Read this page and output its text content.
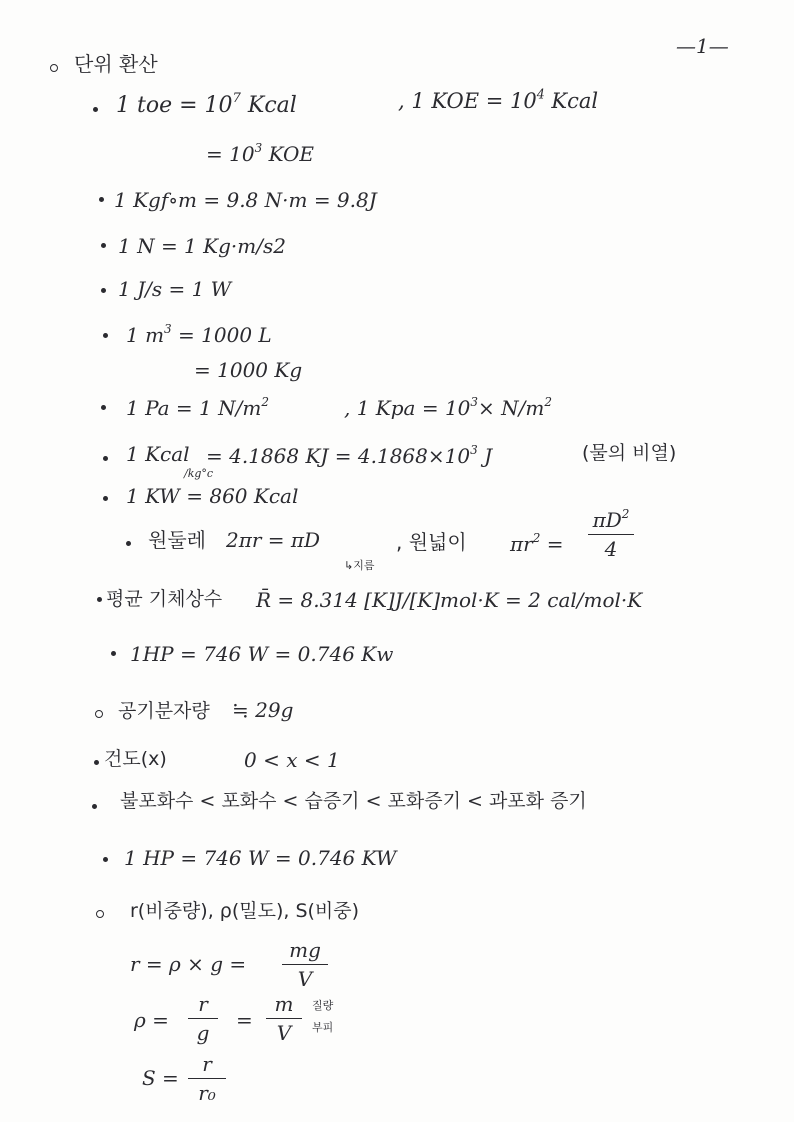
—1—
단위 환산
1 toe = $10^7$ Kcal	, 1 KOE = $10^4$ Kcal
= $10^3$ KOE
1 Kgf∘m = 9.8 N·m = 9.8J
1 N = 1 Kg·m/s2
1 J/s = 1 W
1 $m^3 = 1000$ L
= 1000 Kg
1 Pa = 1 $N/m^2$	, 1 Kpa = $10^3\times N/m^2$
1 Kcal
/kg°c
= 4.1868 KJ = $4.1868\times 10^3$ J	(물의 비열)
1 KW = 860 Kcal
원둘레 2πr = πD
↳지름
, 원넓이 $\pi r^2$ =
$\pi D^2$
4
평균 기체상수 R̄ = 8.314 [K]J/[K]mol·K = 2 cal/mol·K
1HP = 746 W = 0.746 Kw
공기분자량 ≒ 29g
건도(x)	0 < x < 1
불포화수 < 포화수 < 습증기 < 포화증기 < 과포화 증기
1 HP = 746 W = 0.746 KW
r(비중량), ρ(밀도), S(비중)
r = ρ × g =
mg
V
ρ =
r
g
=
m
V
질량
부피
S =
r
r₀
